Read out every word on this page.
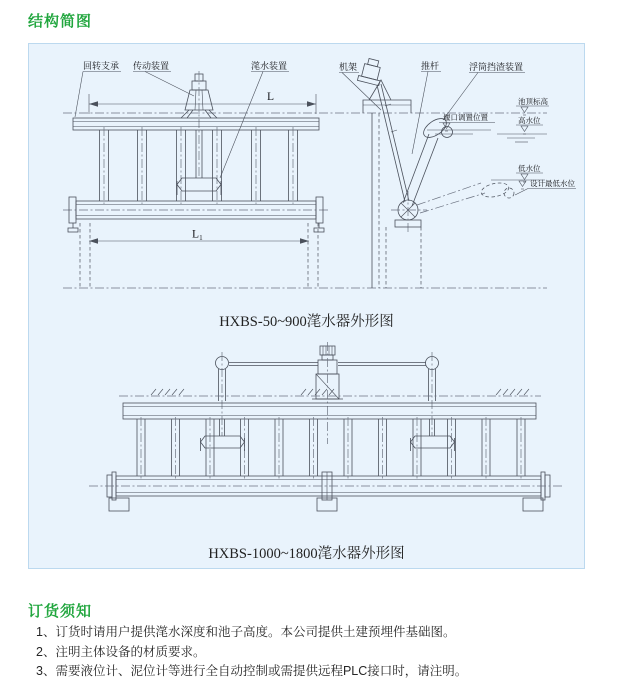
结构简图
回转支承 传动装置	滗水装置
L
L₁
机架	推杆	浮筒挡渣装置
堰口调置位置
池顶标高
高水位
低水位
设计最低水位
HXBS-50~900滗水器外形图
HXBS-1000~1800滗水器外形图
订货须知
1、订货时请用户提供滗水深度和池子高度。本公司提供土建预埋件基础图。
2、注明主体设备的材质要求。
3、需要液位计、泥位计等进行全自动控制或需提供远程PLC接口时，请注明。
